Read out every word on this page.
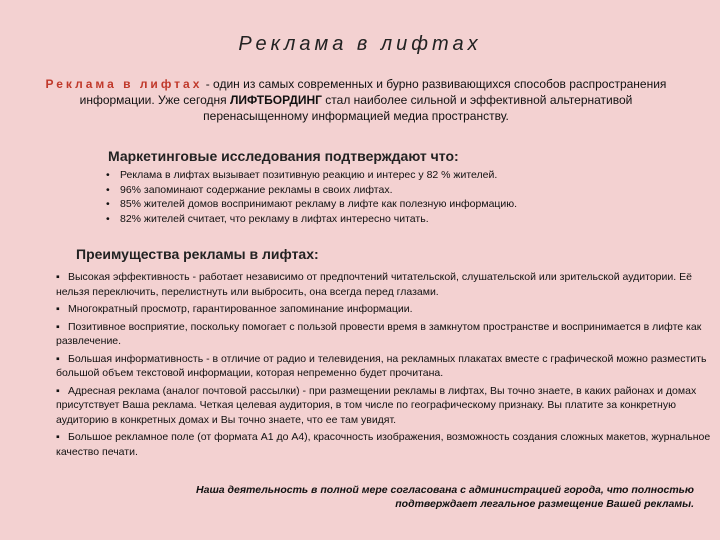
Реклама в лифтах
Реклама в лифтах - один из самых современных и бурно развивающихся способов распространения информации. Уже сегодня ЛИФТБОРДИНГ стал наиболее сильной и эффективной альтернативой перенасыщенному информацией медиа пространству.
Маркетинговые исследования подтверждают что:
• Реклама в лифтах вызывает позитивную реакцию и интерес у 82 % жителей.
• 96% запоминают содержание рекламы в своих лифтах.
• 85% жителей домов воспринимают рекламу в лифте как полезную информацию.
• 82% жителей считает, что рекламу в лифтах интересно читать.
Преимущества рекламы в лифтах:
▪ Высокая эффективность - работает независимо от предпочтений читательской, слушательской или зрительской аудитории. Её нельзя переключить, перелистнуть или выбросить, она всегда перед глазами.
▪ Многократный просмотр, гарантированное запоминание информации.
▪ Позитивное восприятие, поскольку помогает с пользой провести время в замкнутом пространстве и воспринимается в лифте как развлечение.
▪ Большая информативность - в отличие от радио и телевидения, на рекламных плакатах вместе с графической можно разместить большой объем текстовой информации, которая непременно будет прочитана.
▪ Адресная реклама (аналог почтовой рассылки) - при размещении рекламы в лифтах, Вы точно знаете, в каких районах и домах присутствует Ваша реклама. Четкая целевая аудитория, в том числе по географическому признаку. Вы платите за конкретную аудиторию в конкретных домах и Вы точно знаете, что ее там увидят.
▪ Большое рекламное поле (от формата А1 до А4), красочность изображения, возможность создания сложных макетов, журнальное качество печати.
Наша деятельность в полной мере согласована с администрацией города, что полностью
подтверждает легальное размещение Вашей рекламы.
